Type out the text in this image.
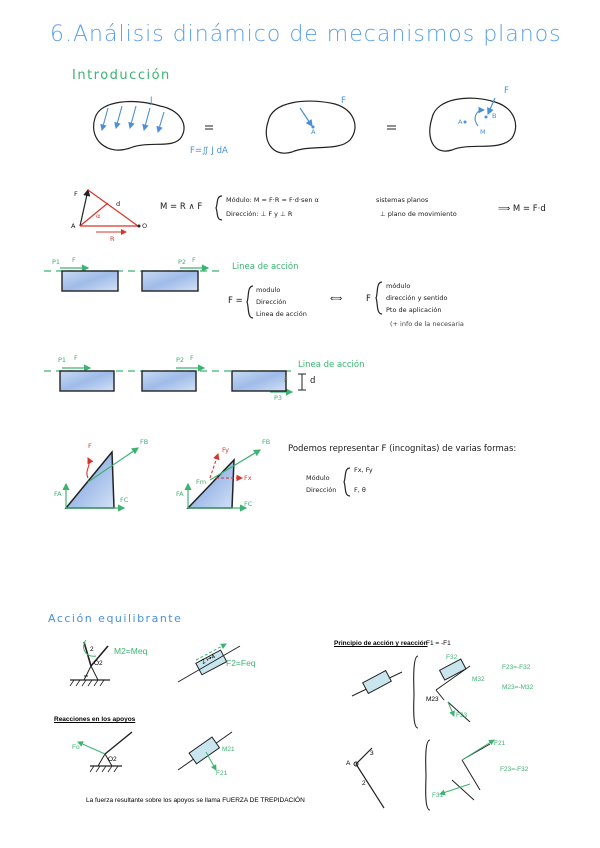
6.Análisis dinámico de mecanismos planos
Introducción
J	F
A
F=∬ J dA
F
A
B
M
F
d
α
R
A	O
M = R ∧ F
Módulo: M = F·R = F·d·sen α
Dirección: ⊥ F y ⊥ R
sistemas planos
⊥ plano de movimiento	⟹ M = F·d
P1 F	P2 F
Linea de acción
F =
modulo
Dirección
Linea de acción
⟺	F
módulo
dirección y sentido
Pto de aplicación
(+ info de la necesaria
P1 F	P2 F
Linea de acción
F
P3
d
F	FB
FA
FC
Fy
Fx
FB
Fm
FA
FC
Podemos representar F (incognitas) de varias formas:
Módulo
Dirección
Fx, Fy
F, θ
Acción equilibrante
2
O2
M2=Meq
2 ↦4 F2=Feq
Reacciones en los apoyos
Fo
O2
M21
F21
La fuerza resultante sobre los apoyos se llama FUERZA DE TREPIDACIÓN
Principio de acción y reacción
F1 = -F1
F32
M32
F23=-F32
M23=-M32
M23
F23
3
A
2
F21
F23=-F32
F31
